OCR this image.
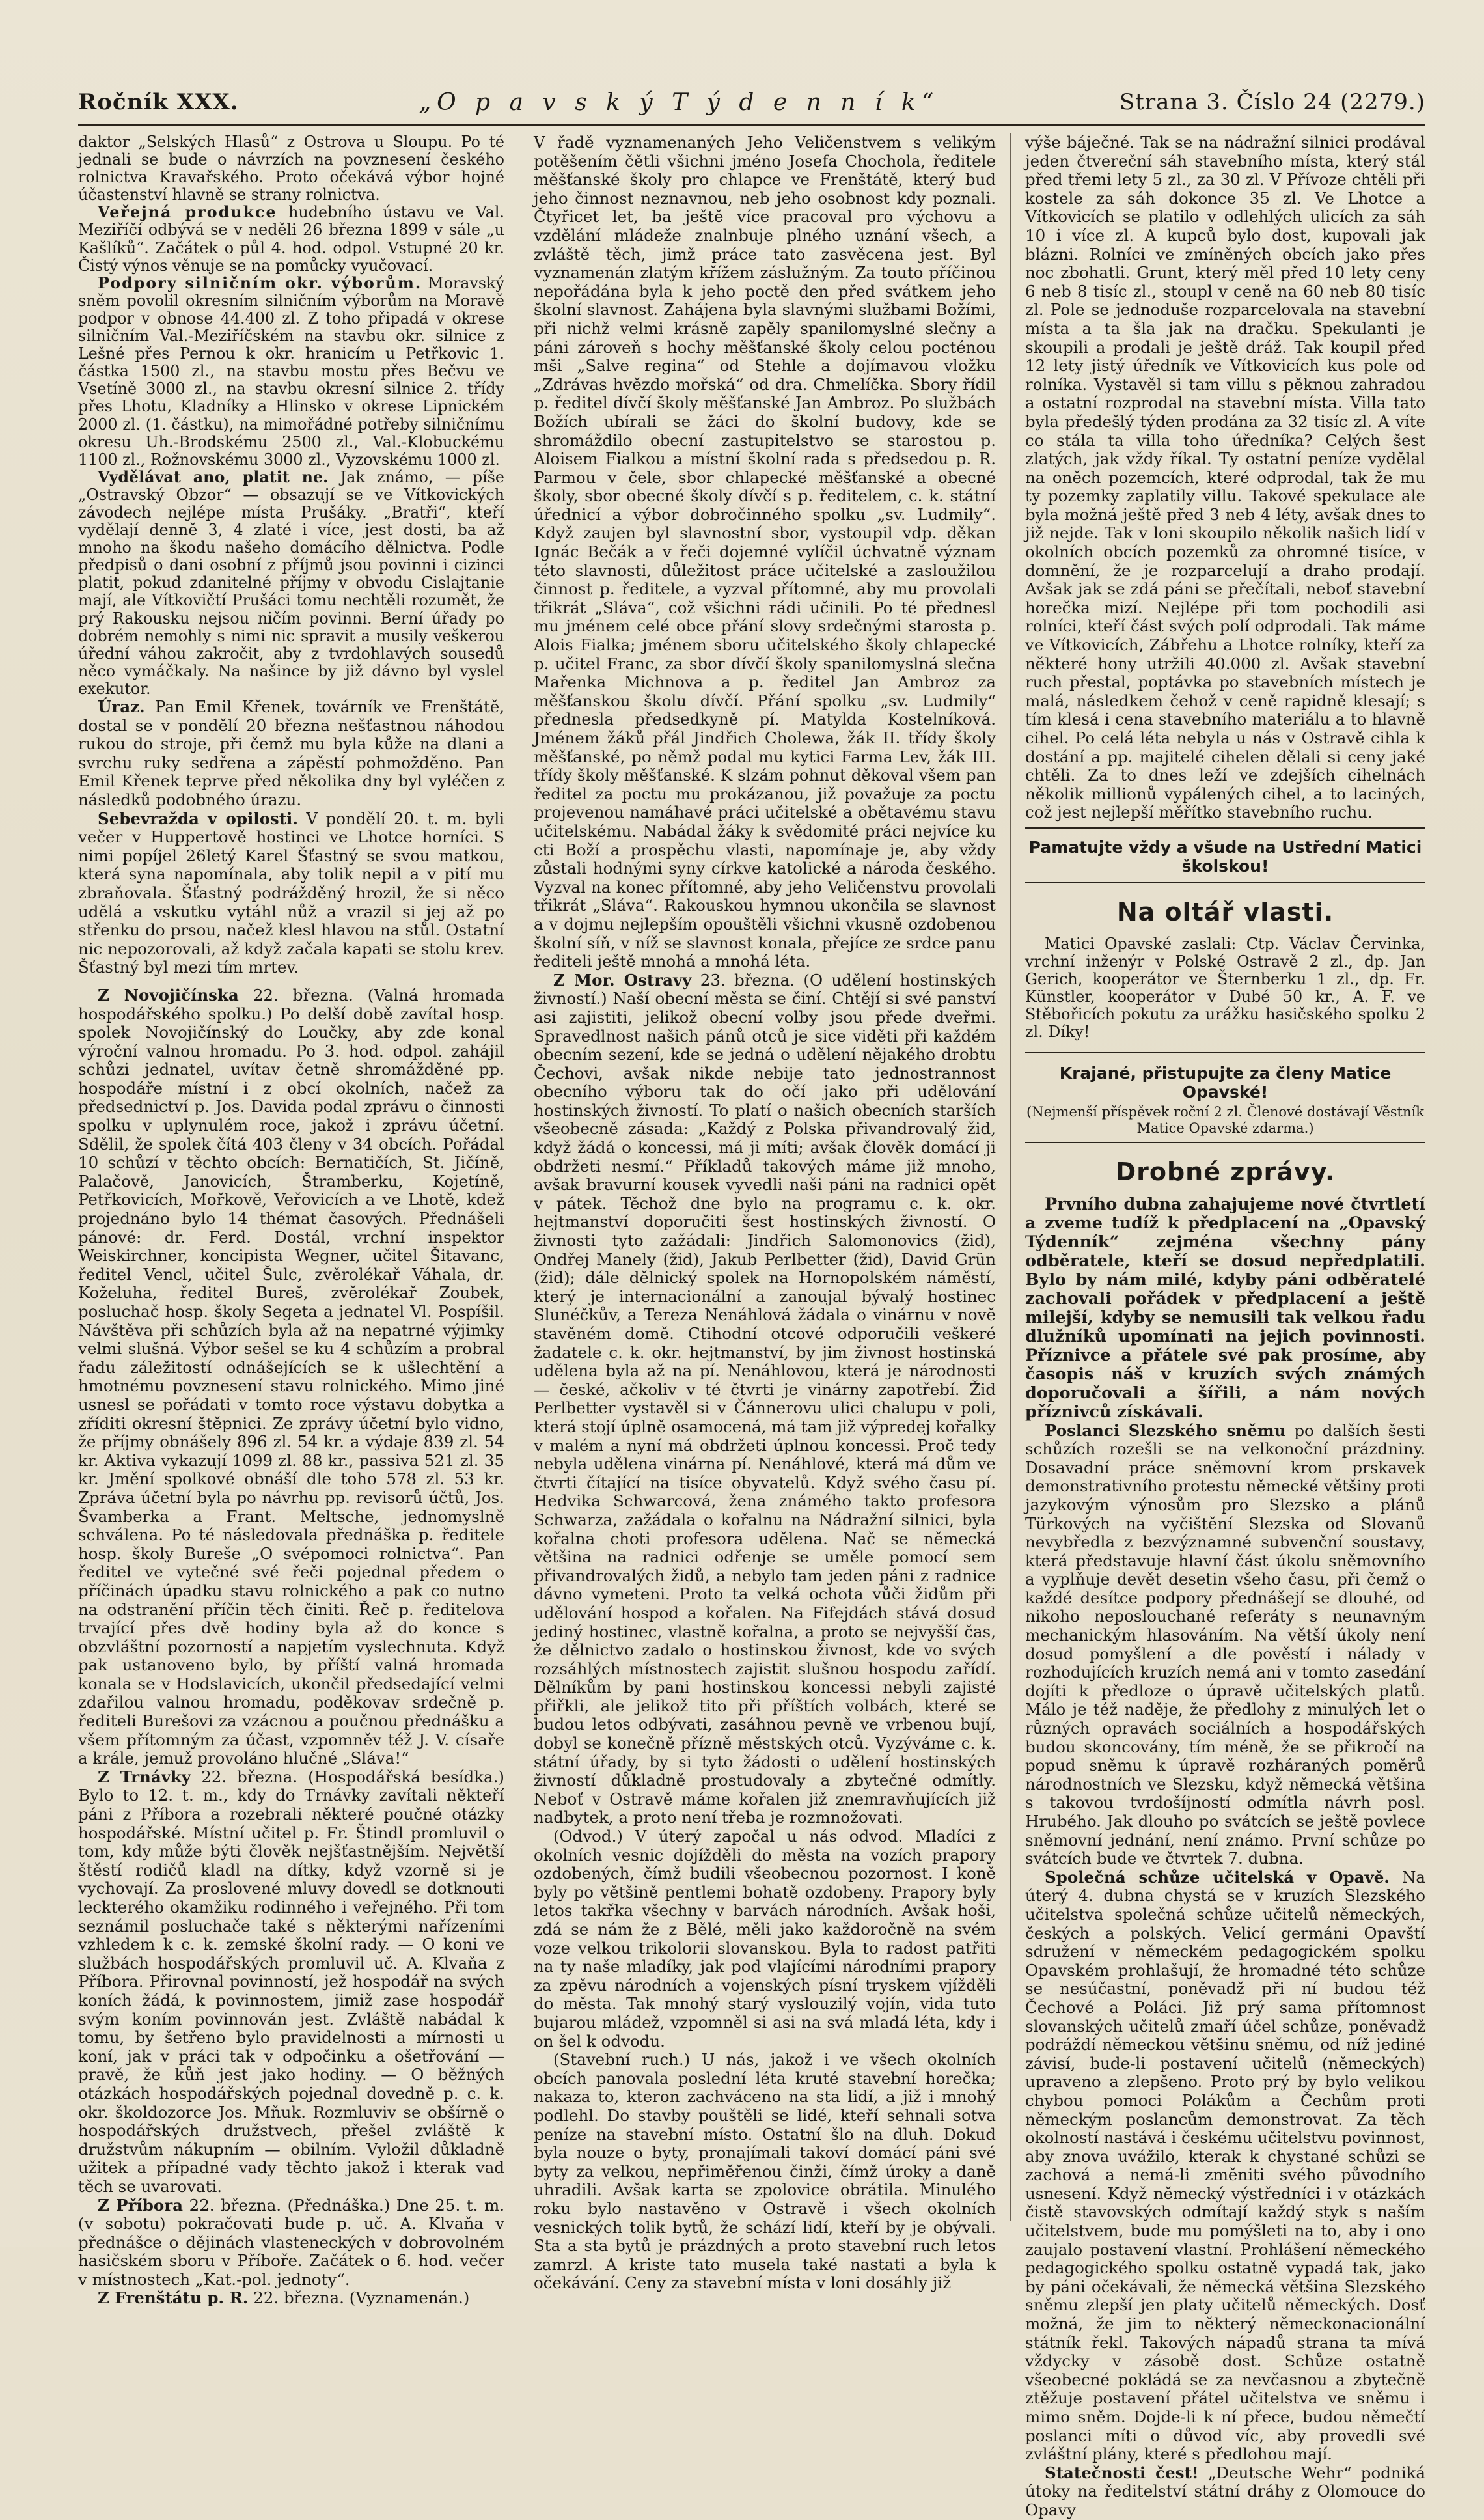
Ročník XXX.	„O p a v s k ý T ý d e n n í k“	Strana 3. Číslo 24 (2279.)

daktor „Selských Hlasů“ z Ostrova u Sloupu. Po té jednali se bude o návrzích na povznesení českého rolnictva Kravařského. Proto očekává výbor hojné účastenství hlavně se strany rolnictva.

Veřejná produkce hudebního ústavu ve Val. Meziříčí odbývá se v neděli 26 března 1899 v sále „u Kašlíků“. Začátek o půl 4. hod. odpol. Vstupné 20 kr. Čistý výnos věnuje se na pomůcky vyučovací.

Podpory silničním okr. výborům. Moravský sněm povolil okresním silničním výborům na Moravě podpor v obnose 44.400 zl. Z toho připadá v okrese silničním Val.-Meziříčském na stavbu okr. silnice z Lešné přes Pernou k okr. hranicím u Petřkovic 1. částka 1500 zl., na stavbu mostu přes Bečvu ve Vsetíně 3000 zl., na stavbu okresní silnice 2. třídy přes Lhotu, Kladníky a Hlinsko v okrese Lipnickém 2000 zl. (1. částku), na mimořádné potřeby silničnímu okresu Uh.-Brodskému 2500 zl., Val.-Klobuckému 1100 zl., Rožnovskému 3000 zl., Vyzovskému 1000 zl.

Vydělávat ano, platit ne. Jak známo, — píše „Ostravský Obzor“ — obsazují se ve Vítkovických závodech nejlépe místa Prušáky. „Bratři“, kteří vydělají denně 3, 4 zlaté i více, jest dosti, ba až mnoho na škodu našeho domácího dělnictva. Podle předpisů o dani osobní z příjmů jsou povinni i cizinci platit, pokud zdanitelné příjmy v obvodu Cislajtanie mají, ale Vítkovičtí Prušáci tomu nechtěli rozumět, že prý Rakousku nejsou ničím povinni. Berní úřady po dobrém nemohly s nimi nic spravit a musily veškerou úřední váhou zakročit, aby z tvrdohlavých sousedů něco vymáčkaly. Na našince by již dávno byl vyslel exekutor.

Úraz. Pan Emil Křenek, továrník ve Frenštátě, dostal se v pondělí 20 března nešťastnou náhodou rukou do stroje, při čemž mu byla kůže na dlani a svrchu ruky sedřena a zápěstí pohmožděno. Pan Emil Křenek teprve před několika dny byl vyléčen z následků podobného úrazu.

Sebevražda v opilosti. V pondělí 20. t. m. byli večer v Huppertově hostinci ve Lhotce horníci. S nimi popíjel 26letý Karel Šťastný se svou matkou, která syna napomínala, aby tolik nepil a v pití mu zbraňovala. Šťastný podrážděný hrozil, že si něco udělá a vskutku vytáhl nůž a vrazil si jej až po střenku do prsou, načež klesl hlavou na stůl. Ostatní nic nepozorovali, až když začala kapati se stolu krev. Šťastný byl mezi tím mrtev.

Z Novojičínska 22. března. (Valná hromada hospodářského spolku.) Po delší době zavítal hosp. spolek Novojičínský do Loučky, aby zde konal výroční valnou hromadu. Po 3. hod. odpol. zahájil schůzi jednatel, uvítav četně shromážděné pp. hospodáře místní i z obcí okolních, načež za předsednictví p. Jos. Davida podal zprávu o činnosti spolku v uplynulém roce, jakož i zprávu účetní. Sdělil, že spolek čítá 403 členy v 34 obcích. Pořádal 10 schůzí v těchto obcích: Bernatičích, St. Jičíně, Palačově, Janovicích, Štramberku, Kojetíně, Petřkovicích, Mořkově, Veřovicích a ve Lhotě, kdež projednáno bylo 14 thémat časových. Přednášeli pánové: dr. Ferd. Dostál, vrchní inspektor Weiskirchner, koncipista Wegner, učitel Šitavanc, ředitel Vencl, učitel Šulc, zvěrolékař Váhala, dr. Koželuha, ředitel Bureš, zvěrolékař Zoubek, posluchač hosp. školy Segeta a jednatel Vl. Pospíšil. Návštěva při schůzích byla až na nepatrné výjimky velmi slušná. Výbor sešel se ku 4 schůzím a probral řadu záležitostí odnášejících se k ušlechtění a hmotnému povznesení stavu rolnického. Mimo jiné usnesl se pořádati v tomto roce výstavu dobytka a zříditi okresní štěpnici. Ze zprávy účetní bylo vidno, že příjmy obnášely 896 zl. 54 kr. a výdaje 839 zl. 54 kr. Aktiva vykazují 1099 zl. 88 kr., passiva 521 zl. 35 kr. Jmění spolkové obnáší dle toho 578 zl. 53 kr. Zpráva účetní byla po návrhu pp. revisorů účtů, Jos. Švamberka a Frant. Meltsche, jednomyslně schválena. Po té následovala přednáška p. ředitele hosp. školy Bureše „O svépomoci rolnictva“. Pan ředitel ve vytečné své řeči pojednal předem o příčinách úpadku stavu rolnického a pak co nutno na odstranění příčin těch činiti. Řeč p. ředitelova trvající přes dvě hodiny byla až do konce s obzvláštní pozorností a napjetím vyslechnuta. Když pak ustanoveno bylo, by příští valná hromada konala se v Hodslavicích, ukončil předsedající velmi zdařilou valnou hromadu, poděkovav srdečně p. řediteli Burešovi za vzácnou a poučnou přednášku a všem přítomným za účast, vzpomněv též J. V. císaře a krále, jemuž provoláno hlučné „Sláva!“

Z Trnávky 22. března. (Hospodářská besídka.) Bylo to 12. t. m., kdy do Trnávky zavítali někteří páni z Příbora a rozebrali některé poučné otázky hospodářské. Místní učitel p. Fr. Štindl promluvil o tom, kdy může býti člověk nejšťastnějším. Největší štěstí rodičů kladl na dítky, když vzorně si je vychovají. Za proslovené mluvy dovedl se dotknouti leckterého okamžiku rodinného i veřejného. Při tom seznámil posluchače také s některými nařízeními vzhledem k c. k. zemské školní rady. — O koni ve službách hospodářských promluvil uč. A. Klvaňa z Příbora. Přirovnal povinností, jež hospodář na svých koních žádá, k povinnostem, jimiž zase hospodář svým koním povinnován jest. Zvláště nabádal k tomu, by šetřeno bylo pravidelnosti a mírnosti u koní, jak v práci tak v odpočinku a ošetřování — pravě, že kůň jest jako hodiny. — O běžných otázkách hospodářských pojednal dovedně p. c. k. okr. školdozorce Jos. Mňuk. Rozmluviv se obšírně o hospodářských družstvech, přešel zvláště k družstvům nákupním — obilním. Vyložil důkladně užitek a případné vady těchto jakož i kterak vad těch se uvarovati.

Z Příbora 22. března. (Přednáška.) Dne 25. t. m. (v sobotu) pokračovati bude p. uč. A. Klvaňa v přednášce o dějinách vlasteneckých v dobrovolném hasičském sboru v Příboře. Začátek o 6. hod. večer v místnostech „Kat.-pol. jednoty“.

Z Frenštátu p. R. 22. března. (Vyznamenán.)

V řadě vyznamenaných Jeho Veličenstvem s velikým potěšením čětli všichni jméno Josefa Chochola, ředitele měšťanské školy pro chlapce ve Frenštátě, který bud jeho činnost neznavnou, neb jeho osobnost kdy poznali. Čtyřicet let, ba ještě více pracoval pro výchovu a vzdělání mládeže znalnbuje plného uznání všech, a zvláště těch, jimž práce tato zasvěcena jest. Byl vyznamenán zlatým křížem záslužným. Za touto příčinou nepořádána byla k jeho poctě den před svátkem jeho školní slavnost. Zahájena byla slavnými službami Božími, při nichž velmi krásně zapěly spanilomyslné slečny a páni zároveň s hochy měšťanské školy celou pocténou mši „Salve regina“ od Stehle a dojímavou vložku „Zdrávas hvězdo mořská“ od dra. Chmelíčka. Sbory řídil p. ředitel dívčí školy měšťanské Jan Ambroz. Po službách Božích ubírali se žáci do školní budovy, kde se shromáždilo obecní zastupitelstvo se starostou p. Aloisem Fialkou a místní školní rada s předsedou p. R. Parmou v čele, sbor chlapecké měšťanské a obecné školy, sbor obecné školy dívčí s p. ředitelem, c. k. státní úřednicí a výbor dobročinného spolku „sv. Ludmily“. Když zaujen byl slavnostní sbor, vystoupil vdp. děkan Ignác Bečák a v řeči dojemné vylíčil úchvatně význam této slavnosti, důležitost práce učitelské a zasloužilou činnost p. ředitele, a vyzval přítomné, aby mu provolali třikrát „Sláva“, což všichni rádi učinili. Po té přednesl mu jménem celé obce přání slovy srdečnými starosta p. Alois Fialka; jménem sboru učitelského školy chlapecké p. učitel Franc, za sbor dívčí školy spanilomyslná slečna Mařenka Michnova a p. ředitel Jan Ambroz za měšťanskou školu dívčí. Přání spolku „sv. Ludmily“ přednesla předsedkyně pí. Matylda Kostelníková. Jménem žáků přál Jindřich Cholewa, žák II. třídy školy měšťanské, po němž podal mu kytici Farma Lev, žák III. třídy školy měšťanské. K slzám pohnut děkoval všem pan ředitel za poctu mu prokázanou, již považuje za poctu projevenou namáhavé práci učitelské a obětavému stavu učitelskému. Nabádal žáky k svědomité práci nejvíce ku cti Boží a prospěchu vlasti, napomínaje je, aby vždy zůstali hodnými syny církve katolické a národa českého. Vyzval na konec přítomné, aby jeho Veličenstvu provolali třikrát „Sláva“. Rakouskou hymnou ukončila se slavnost a v dojmu nejlepším opouštěli všichni vkusně ozdobenou školní síň, v níž se slavnost konala, přejíce ze srdce panu řediteli ještě mnohá a mnohá léta.

Z Mor. Ostravy 23. března. (O udělení hostinských živností.) Naší obecní města se činí. Chtějí si své panství asi zajistiti, jelikož obecní volby jsou přede dveřmi. Spravedlnost našich pánů otců je sice viděti při každém obecním sezení, kde se jedná o udělení nějakého drobtu Čechovi, avšak nikde nebije tato jednostrannost obecního výboru tak do očí jako při udělování hostinských živností. To platí o našich obecních starších všeobecně zásada: „Každý z Polska přivandrovalý žid, když žádá o koncessi, má ji míti; avšak člověk domácí ji obdržeti nesmí.“ Příkladů takových máme již mnoho, avšak bravurní kousek vyvedli naši páni na radnici opět v pátek. Těchož dne bylo na programu c. k. okr. hejtmanství doporučiti šest hostinských živností. O živnosti tyto zažádali: Jindřich Salomonovics (žid), Ondřej Manely (žid), Jakub Perlbetter (žid), David Grün (žid); dále dělnický spolek na Hornopolském náměstí, který je internacionální a zanoujal bývalý hostinec Slunéčkův, a Tereza Nenáhlová žádala o vinárnu v nově stavěném domě. Ctihodní otcové odporučili veškeré žadatele c. k. okr. hejtmanství, by jim živnost hostinská udělena byla až na pí. Nenáhlovou, která je národnosti — české, ačkoliv v té čtvrti je vinárny zapotřebí. Žid Perlbetter vystavěl si v Čánnerovu ulici chalupu v poli, která stojí úplně osamocená, má tam již výpredej kořalky v malém a nyní má obdržeti úplnou koncessi. Proč tedy nebyla udělena vinárna pí. Nenáhlové, která má dům ve čtvrti čítající na tisíce obyvatelů. Když svého času pí. Hedvika Schwarcová, žena známého takto profesora Schwarza, zažádala o kořalnu na Nádražní silnici, byla kořalna choti profesora udělena. Nač se německá většina na radnici odřenje se uměle pomocí sem přivandrovalých židů, a nebylo tam jeden páni z radnice dávno vymeteni. Proto ta velká ochota vůči židům při udělování hospod a kořalen. Na Fifejdách stává dosud jediný hostinec, vlastně kořalna, a proto se nejvyšší čas, že dělnictvo zadalo o hostinskou živnost, kde vo svých rozsáhlých místnostech zajistit slušnou hospodu zařídí. Dělníkům by pani hostinskou koncessi nebyli zajisté přiřkli, ale jelikož tito při příštích volbách, které se budou letos odbývati, zasáhnou pevně ve vrbenou bují, dobyl se konečně přízně městských otců. Vyzýváme c. k. státní úřady, by si tyto žádosti o udělení hostinských živností důkladně prostudovaly a zbytečné odmítly. Neboť v Ostravě máme kořalen již znemravňujících již nadbytek, a proto není třeba je rozmnožovati.

(Odvod.) V úterý započal u nás odvod. Mladíci z okolních vesnic dojížděli do města na vozích prapory ozdobených, čímž budili všeobecnou pozornost. I koně byly po většině pentlemi bohatě ozdobeny. Prapory byly letos takřka všechny v barvách národních. Avšak hoši, zdá se nám že z Bělé, měli jako každoročně na svém voze velkou trikolorii slovanskou. Byla to radost patřiti na ty naše mladíky, jak pod vlajícími národními prapory za zpěvu národních a vojenských písní tryskem vjížděli do města. Tak mnohý starý vyslouzilý vojín, vida tuto bujarou mládež, vzpomněl si asi na svá mladá léta, kdy i on šel k odvodu.

(Stavební ruch.) U nás, jakož i ve všech okolních obcích panovala poslední léta kruté stavební horečka; nakaza to, kteron zachváceno na sta lidí, a již i mnohý podlehl. Do stavby pouštěli se lidé, kteří sehnali sotva peníze na stavební místo. Ostatní šlo na dluh. Dokud byla nouze o byty, pronajímali takoví domácí páni své byty za velkou, nepřiměřenou činži, čímž úroky a daně uhradili. Avšak karta se zpolovice obrátila. Minulého roku bylo nastavěno v Ostravě i všech okolních vesnických tolik bytů, že schází lidí, kteří by je obývali. Sta a sta bytů je prázdných a proto stavební ruch letos zamrzl. A kriste tato musela také nastati a byla k očekávání. Ceny za stavební místa v loni dosáhly již

výše báječné. Tak se na nádražní silnici prodával jeden čtvereční sáh stavebního místa, který stál před třemi lety 5 zl., za 30 zl. V Přívoze chtěli při kostele za sáh dokonce 35 zl. Ve Lhotce a Vítkovicích se platilo v odlehlých ulicích za sáh 10 i více zl. A kupců bylo dost, kupovali jak blázni. Rolníci ve zmíněných obcích jako přes noc zbohatli. Grunt, který měl před 10 lety ceny 6 neb 8 tisíc zl., stoupl v ceně na 60 neb 80 tisíc zl. Pole se jednoduše rozparcelovala na stavební místa a ta šla jak na dračku. Spekulanti je skoupili a prodali je ještě dráž. Tak koupil před 12 lety jistý úředník ve Vítkovicích kus pole od rolníka. Vystavěl si tam villu s pěknou zahradou a ostatní rozprodal na stavební místa. Villa tato byla předešlý týden prodána za 32 tisíc zl. A víte co stála ta villa toho úředníka? Celých šest zlatých, jak vždy říkal. Ty ostatní peníze vydělal na oněch pozemcích, které odprodal, tak že mu ty pozemky zaplatily villu. Takové spekulace ale byla možná ještě před 3 neb 4 léty, avšak dnes to již nejde. Tak v loni skoupilo několik našich lidí v okolních obcích pozemků za ohromné tisíce, v domnění, že je rozparcelují a draho prodají. Avšak jak se zdá páni se přečítali, neboť stavební horečka mizí. Nejlépe při tom pochodili asi rolníci, kteří část svých polí odprodali. Tak máme ve Vítkovicích, Zábřehu a Lhotce rolníky, kteří za některé hony utržili 40.000 zl. Avšak stavební ruch přestal, poptávka po stavebních místech je malá, následkem čehož v ceně rapidně klesají; s tím klesá i cena stavebního materiálu a to hlavně cihel. Po celá léta nebyla u nás v Ostravě cihla k dostání a pp. majitelé cihelen dělali si ceny jaké chtěli. Za to dnes leží ve zdejších cihelnách několik millionů vypálených cihel, a to laciných, což jest nejlepší měřítko stavebního ruchu.

Pamatujte vždy a všude na Ustřední Matici školskou!
Na oltář vlasti.

Matici Opavské zaslali: Ctp. Václav Červinka, vrchní inženýr v Polské Ostravě 2 zl., dp. Jan Gerich, kooperátor ve Šternberku 1 zl., dp. Fr. Künstler, kooperátor v Dubé 50 kr., A. F. ve Stěbořicích pokutu za urážku hasičského spolku 2 zl. Díky!

Krajané, přistupujte za členy Matice Opavské!

(Nejmenší příspěvek roční 2 zl. Členové dostávají Věstník Matice Opavské zdarma.)

Drobné zprávy.

Prvního dubna zahajujeme nové čtvrtletí a zveme tudíž k předplacení na „Opavský Týdenník“ zejména všechny pány odběratele, kteří se dosud nepředplatili. Bylo by nám milé, kdyby páni odběratelé zachovali pořádek v předplacení a ještě milejší, kdyby se nemusili tak velkou řadu dlužníků upomínati na jejich povinnosti. Příznivce a přátele své pak prosíme, aby časopis náš v kruzích svých známých doporučovali a šířili, a nám nových příznivců získávali.

Poslanci Slezského sněmu po dalších šesti schůzích rozešli se na velkonoční prázdniny. Dosavadní práce sněmovní krom prskavek demonstrativního protestu německé většiny proti jazykovým výnosům pro Slezsko a plánů Türkových na vyčištění Slezska od Slovanů nevybředla z bezvýznamné subvenční soustavy, která představuje hlavní část úkolu sněmovního a vyplňuje devět desetin všeho času, při čemž o každé desítce podpory přednášejí se dlouhé, od nikoho neposlouchané referáty s neunavným mechanickým hlasováním. Na větší úkoly není dosud pomyšlení a dle pověstí i nálady v rozhodujících kruzích nemá ani v tomto zasedání dojíti k předloze o úpravě učitelských platů. Málo je též naděje, že předlohy z minulých let o různých opravách sociálních a hospodářských budou skoncovány, tím méně, že se přikročí na popud sněmu k úpravě rozháraných poměrů národnostních ve Slezsku, když německá většina s takovou tvrdošíjností odmítla návrh posl. Hrubého. Jak dlouho po svátcích se ještě povlece sněmovní jednání, není známo. První schůze po svátcích bude ve čtvrtek 7. dubna.

Společná schůze učitelská v Opavě. Na úterý 4. dubna chystá se v kruzích Slezského učitelstva společná schůze učitelů německých, českých a polských. Velicí germáni Opavští sdružení v německém pedagogickém spolku Opavském prohlašují, že hromadné této schůze se nesúčastní, poněvadž při ní budou též Čechové a Poláci. Již prý sama přítomnost slovanských učitelů zmaří účel schůze, poněvadž podráždí německou většinu sněmu, od níž jediné závisí, bude-li postavení učitelů (německých) upraveno a zlepšeno. Proto prý by bylo velikou chybou pomoci Polákům a Čechům proti německým poslancům demonstrovat. Za těch okolností nastává i českému učitelstvu povinnost, aby znova uvážilo, kterak k chystané schůzi se zachová a nemá-li změniti svého původního usnesení. Když německý výstředníci i v otázkách čistě stavovských odmítají každý styk s naším učitelstvem, bude mu pomýšleti na to, aby i ono zaujalo postavení vlastní. Prohlášení německého pedagogického spolku ostatně vypadá tak, jako by páni očekávali, že německá většina Slezského sněmu zlepší jen platy učitelů německých. Dosť možná, že jim to některý německonacionální státník řekl. Takových nápadů strana ta mívá vždycky v zásobě dost. Schůze ostatně všeobecné pokládá se za nevčasnou a zbytečně ztěžuje postavení přátel učitelstva ve sněmu i mimo sněm. Dojde-li k ní přece, budou němečtí poslanci míti o důvod víc, aby provedli své zvláštní plány, které s předlohou mají.

Statečnosti čest! „Deutsche Wehr“ podniká útoky na ředitelství státní dráhy z Olomouce do Opavy
